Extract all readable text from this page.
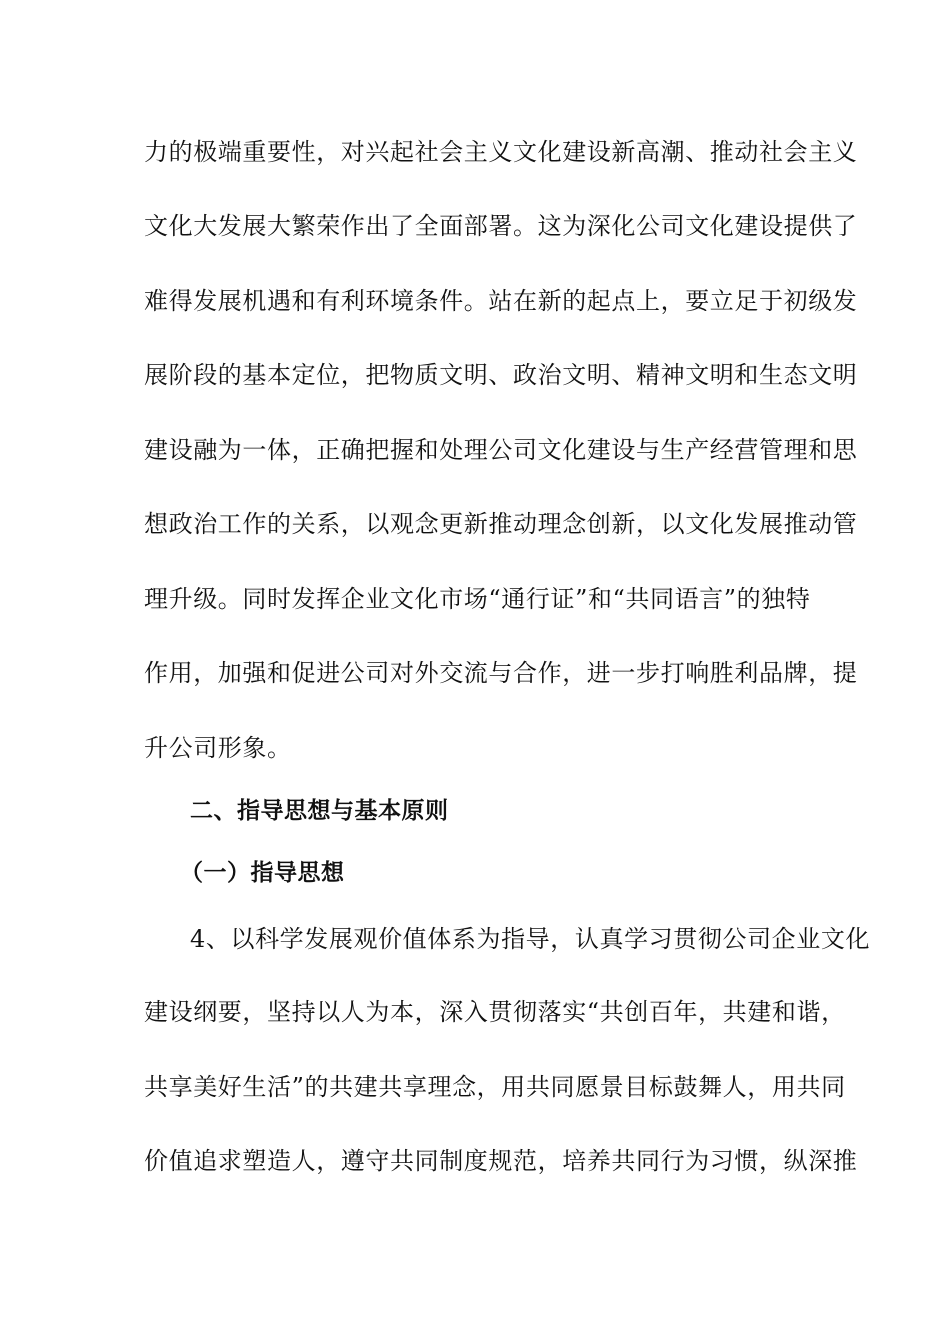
力的极端重要性，对兴起社会主义文化建设新高潮、推动社会主义
文化大发展大繁荣作出了全面部署。这为深化公司文化建设提供了
难得发展机遇和有利环境条件。站在新的起点上，要立足于初级发
展阶段的基本定位，把物质文明、政治文明、精神文明和生态文明
建设融为一体，正确把握和处理公司文化建设与生产经营管理和思
想政治工作的关系，以观念更新推动理念创新，以文化发展推动管
理升级。同时发挥企业文化市场“通行证”和“共同语言”的独特
作用，加强和促进公司对外交流与合作，进一步打响胜利品牌，提
升公司形象。
二、指导思想与基本原则
（一）指导思想
4、以科学发展观价值体系为指导，认真学习贯彻公司企业文化
建设纲要，坚持以人为本，深入贯彻落实“共创百年，共建和谐，
共享美好生活”的共建共享理念，用共同愿景目标鼓舞人，用共同
价值追求塑造人，遵守共同制度规范，培养共同行为习惯，纵深推
